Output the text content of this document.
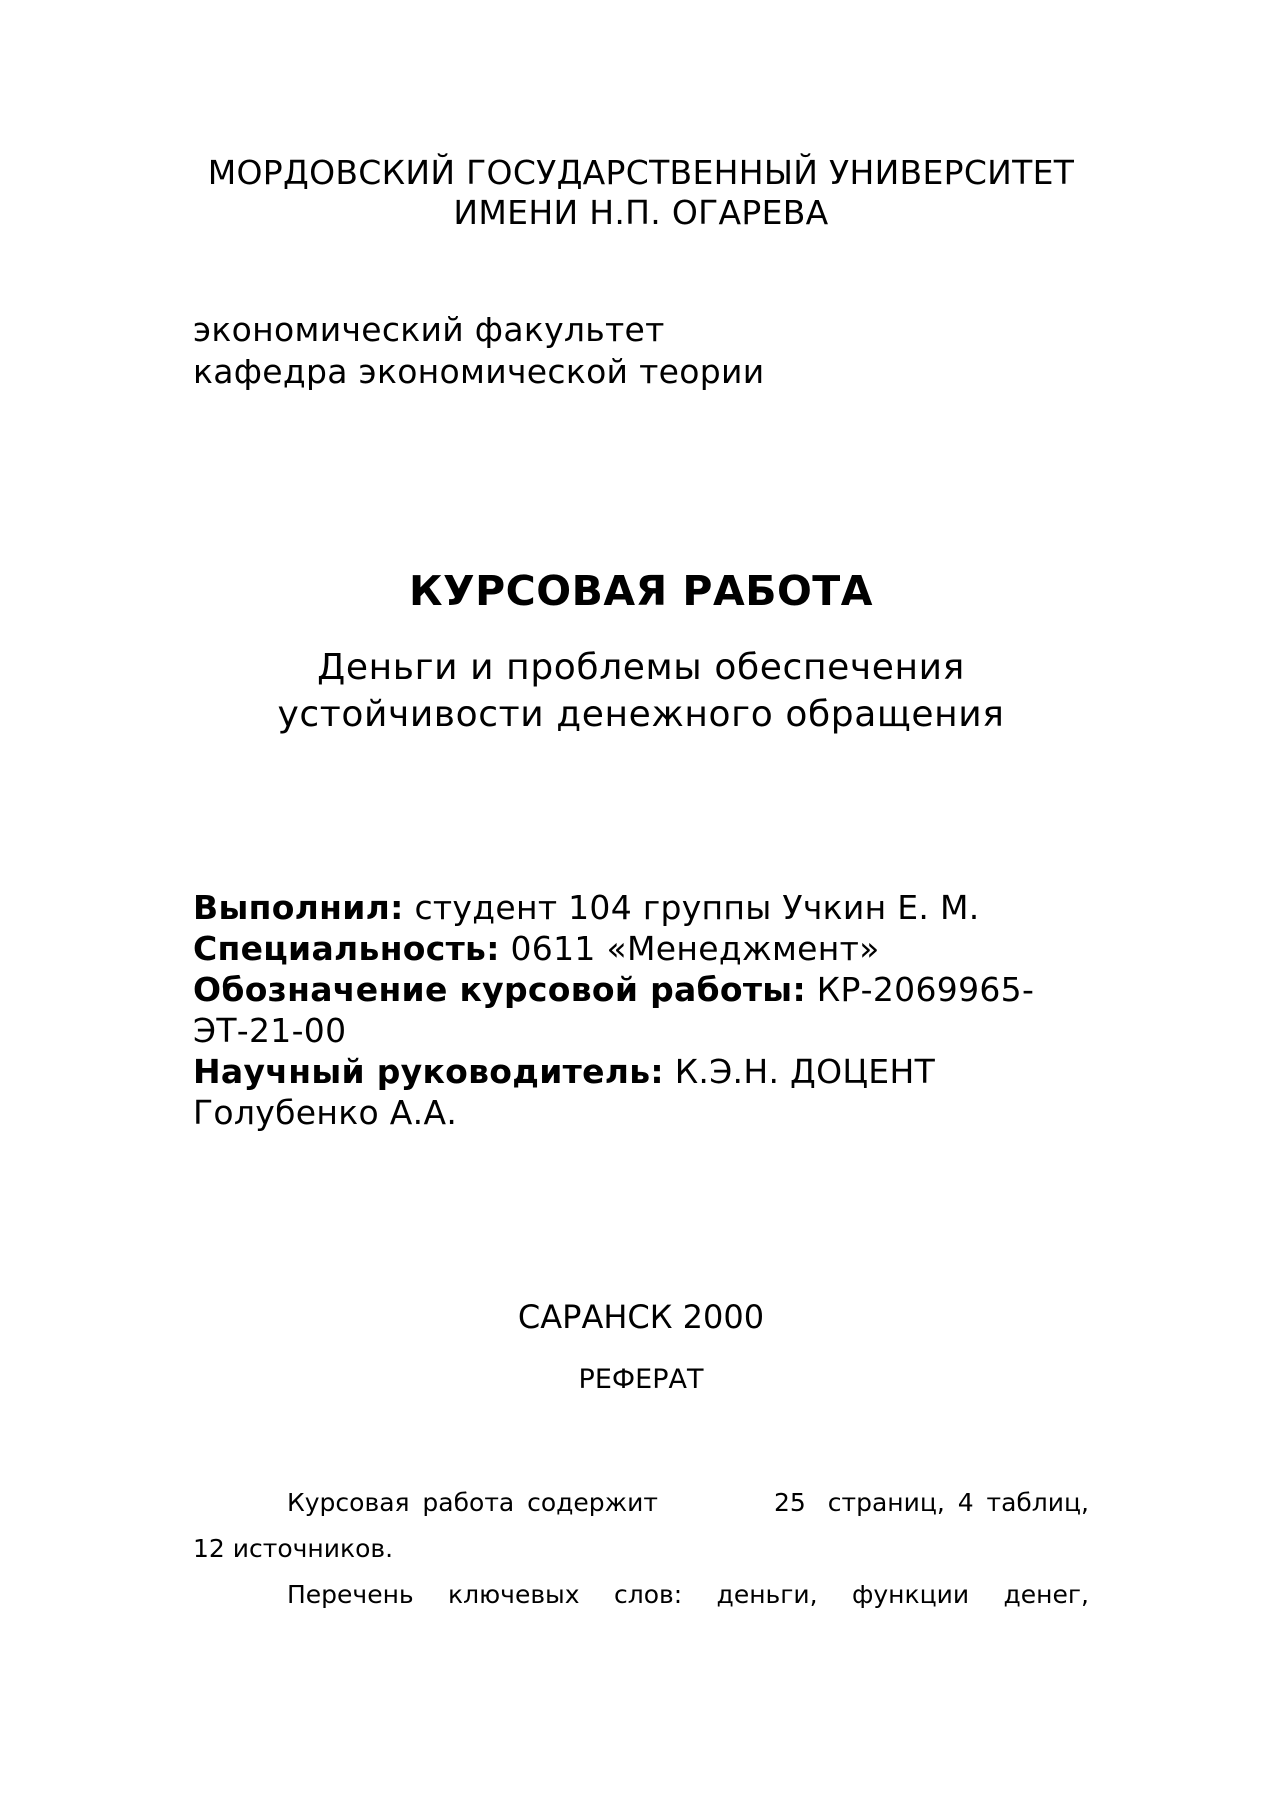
МОРДОВСКИЙ ГОСУДАРСТВЕННЫЙ УНИВЕРСИТЕТ
ИМЕНИ Н.П. ОГАРЕВА
экономический факультет
кафедра экономической теории
КУРСОВАЯ РАБОТА
Деньги и проблемы обеспечения
устойчивости денежного обращения
Выполнил: студент 104 группы Учкин Е. М.
Специальность: 0611 «Менеджмент»
Обозначение курсовой работы: КР-2069965-
ЭТ-21-00
Научный руководитель: К.Э.Н. ДОЦЕНТ
Голубенко А.А.
САРАНСК 2000
РЕФЕРАТ

Курсовая работа содержит	25 страниц, 4 таблиц, 12 источников.

Перечень ключевых слов: деньги, функции денег,
